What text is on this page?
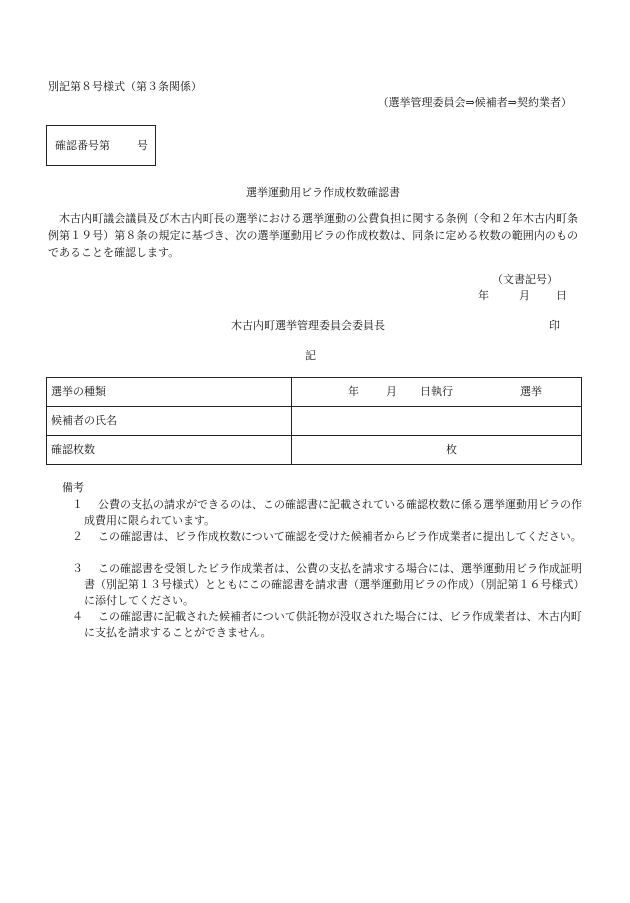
別記第８号様式（第３条関係）
（選挙管理委員会⇒候補者⇒契約業者）
確認番号第 号
選挙運動用ビラ作成枚数確認書
木古内町議会議員及び木古内町長の選挙における選挙運動の公費負担に関する条例（令和２年木古内町条例第１９号）第８条の規定に基づき、次の選挙運動用ビラの作成枚数は、同条に定める枚数の範囲内のものであることを確認します。
（文書記号）
年	月 日
木古内町選挙管理委員会委員長	印
記
選挙の種類	年 月 日執行 選挙

候補者の氏名	
確認枚数	枚
備考
１	公費の支払の請求ができるのは、この確認書に記載されている確認枚数に係る選挙運動用ビラの作成費用に限られています。
２	この確認書は、ビラ作成枚数について確認を受けた候補者からビラ作成業者に提出してください。
３	この確認書を受領したビラ作成業者は、公費の支払を請求する場合には、選挙運動用ビラ作成証明書（別記第１３号様式）とともにこの確認書を請求書（選挙運動用ビラの作成）（別記第１６号様式）に添付してください。
４	この確認書に記載された候補者について供託物が没収された場合には、ビラ作成業者は、木古内町に支払を請求することができません。
